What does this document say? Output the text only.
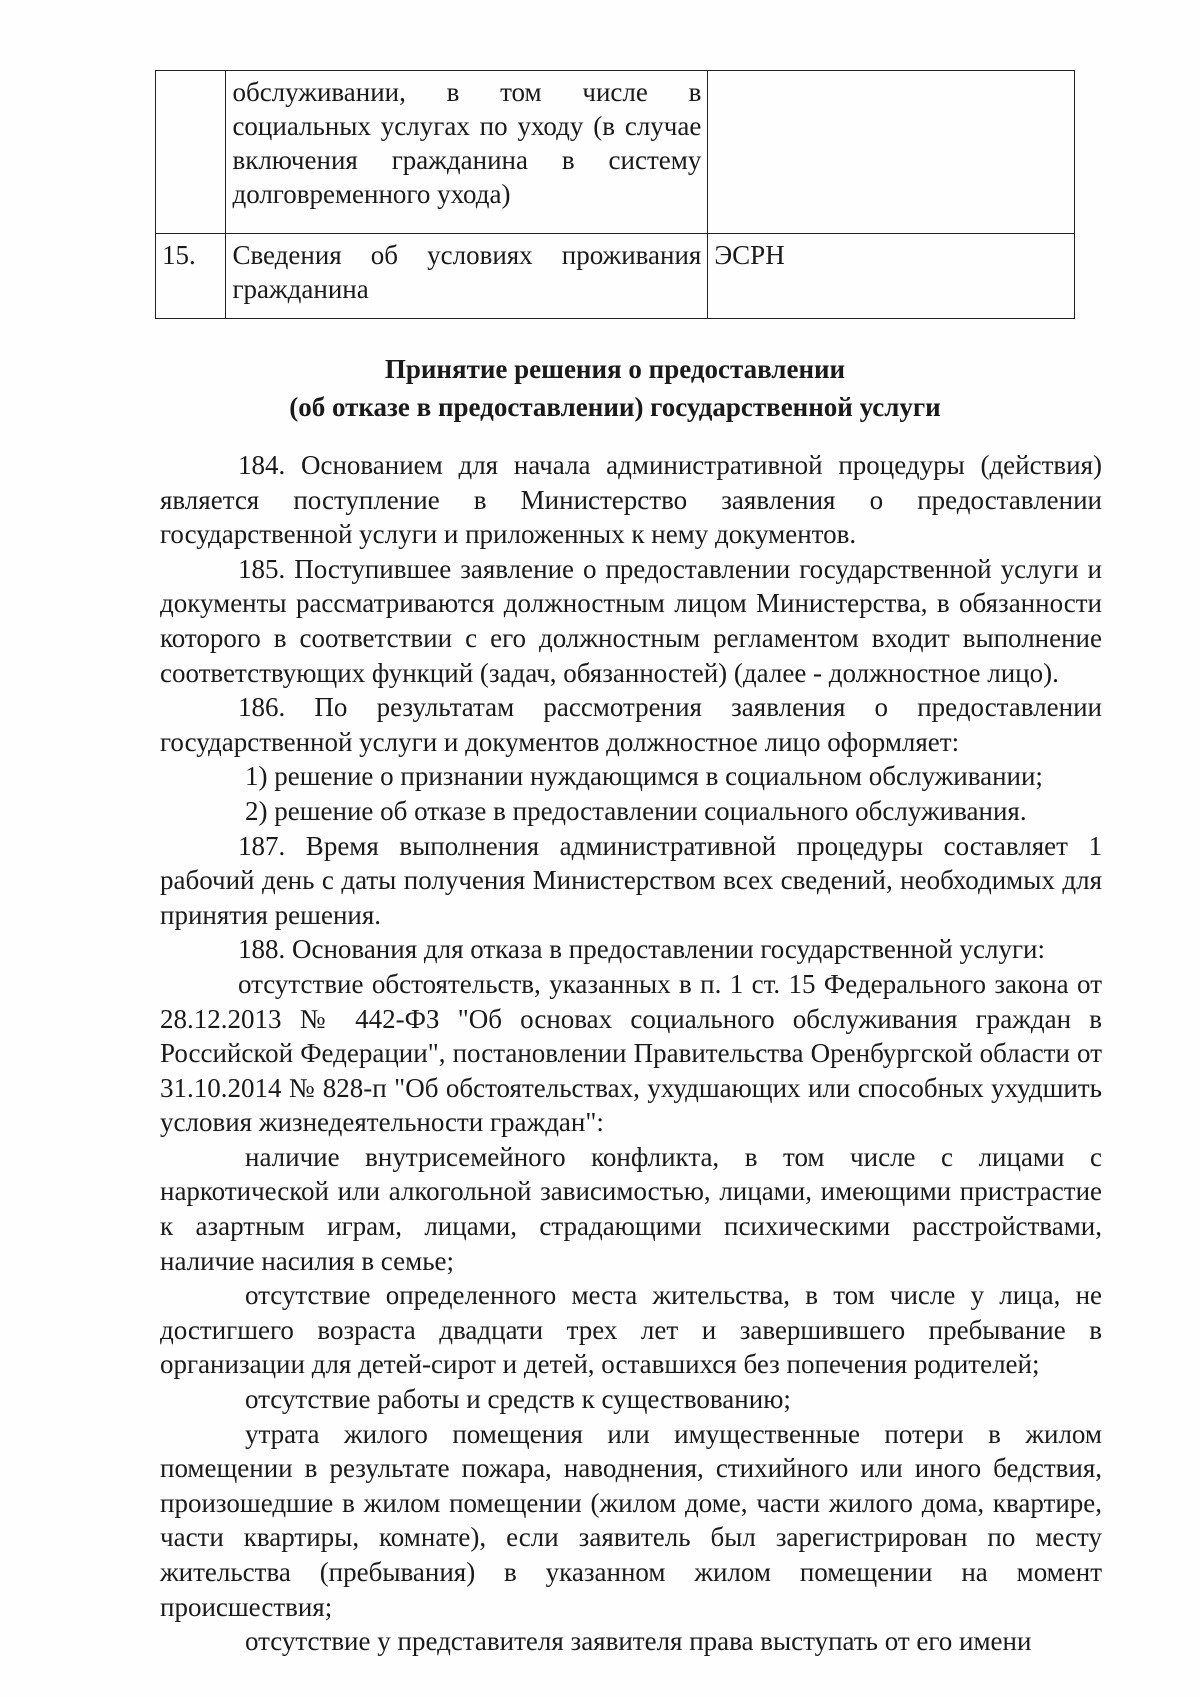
	обслуживании, в том числе в социальных услугах по уходу (в случае включения гражданина в систему долговременного ухода)	
15.	Сведения об условиях проживания гражданина	ЭСРН
Принятие решения о предоставлении
(об отказе в предоставлении) государственной услуги

184. Основанием для начала административной процедуры (действия) является поступление в Министерство заявления о предоставлении государственной услуги и приложенных к нему документов.

185. Поступившее заявление о предоставлении государственной услуги и документы рассматриваются должностным лицом Министерства, в обязанности которого в соответствии с его должностным регламентом входит выполнение соответствующих функций (задач, обязанностей) (далее - должностное лицо).

186. По результатам рассмотрения заявления о предоставлении государственной услуги и документов должностное лицо оформляет:

1) решение о признании нуждающимся в социальном обслуживании;

2) решение об отказе в предоставлении социального обслуживания.

187. Время выполнения административной процедуры составляет 1 рабочий день с даты получения Министерством всех сведений, необходимых для принятия решения.

188. Основания для отказа в предоставлении государственной услуги:

отсутствие обстоятельств, указанных в п. 1 ст. 15 Федерального закона от 28.12.2013 № 442-ФЗ "Об основах социального обслуживания граждан в Российской Федерации", постановлении Правительства Оренбургской области от 31.10.2014 № 828-п "Об обстоятельствах, ухудшающих или способных ухудшить условия жизнедеятельности граждан":

наличие внутрисемейного конфликта, в том числе с лицами с наркотической или алкогольной зависимостью, лицами, имеющими пристрастие к азартным играм, лицами, страдающими психическими расстройствами, наличие насилия в семье;

отсутствие определенного места жительства, в том числе у лица, не достигшего возраста двадцати трех лет и завершившего пребывание в организации для детей-сирот и детей, оставшихся без попечения родителей;

отсутствие работы и средств к существованию;

утрата жилого помещения или имущественные потери в жилом помещении в результате пожара, наводнения, стихийного или иного бедствия, произошедшие в жилом помещении (жилом доме, части жилого дома, квартире, части квартиры, комнате), если заявитель был зарегистрирован по месту жительства (пребывания) в указанном жилом помещении на момент происшествия;

отсутствие у представителя заявителя права выступать от его имени
